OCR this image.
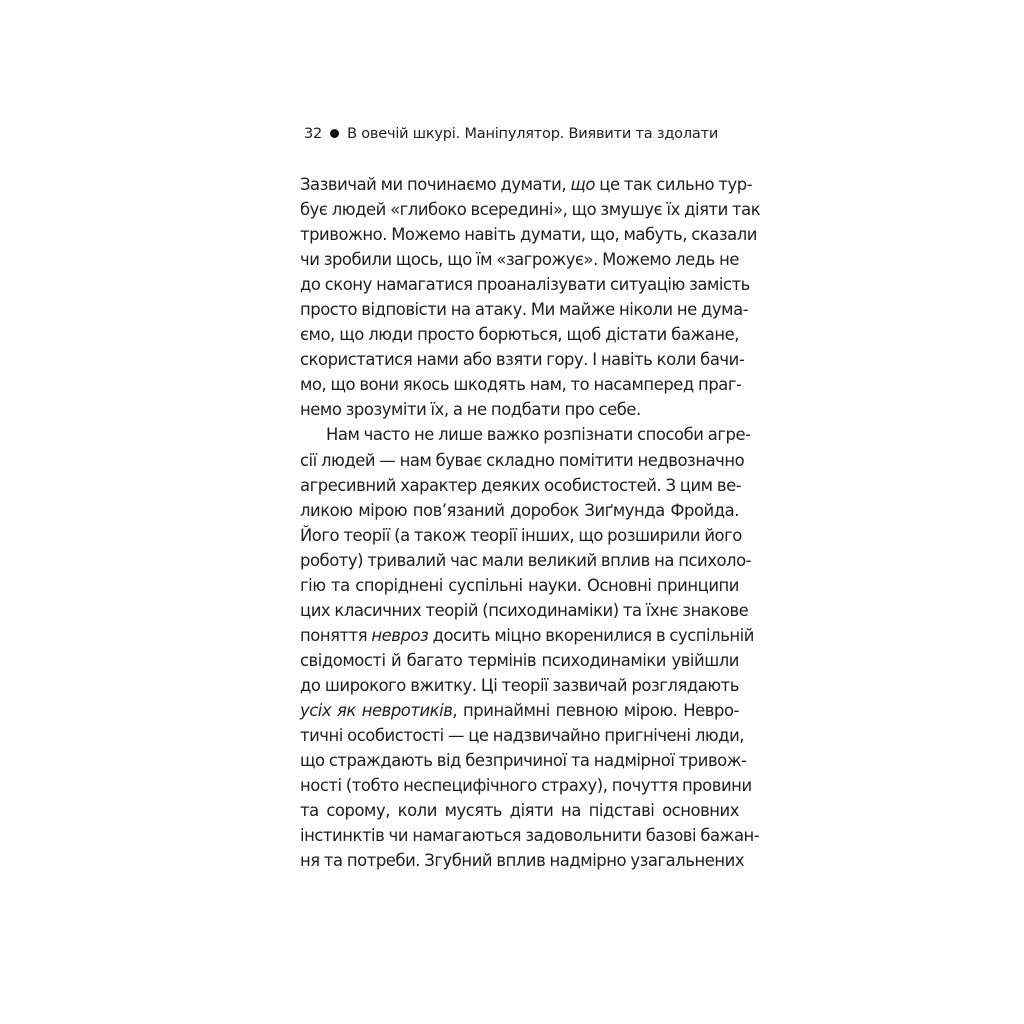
32 В овечій шкурі. Маніпулятор. Виявити та здолати
Зазвичай ми починаємо думати, що це так сильно тур-
бує людей «глибоко всередині», що змушує їх діяти так
тривожно. Можемо навіть думати, що, мабуть, сказали
чи зробили щось, що їм «загрожує». Можемо ледь не
до скону намагатися проаналізувати ситуацію замість
просто відповісти на атаку. Ми майже ніколи не дума-
ємо, що люди просто борються, щоб дістати бажане,
скористатися нами або взяти гору. І навіть коли бачи-
мо, що вони якось шкодять нам, то насамперед праг-
немо зрозуміти їх, а не подбати про себе.
Нам часто не лише важко розпізнати способи агре-
сії людей — нам буває складно помітити недвозначно
агресивний характер деяких особистостей. З цим ве-
ликою мірою пов’язаний доробок Зиґмунда Фройда.
Його теорії (а також теорії інших, що розширили його
роботу) тривалий час мали великий вплив на психоло-
гію та споріднені суспільні науки. Основні принципи
цих класичних теорій (психодинаміки) та їхнє знакове
поняття невроз досить міцно вкоренилися в суспільній
свідомості й багато термінів психодинаміки увійшли
до широкого вжитку. Ці теорії зазвичай розглядають
усіх як невротиків, принаймні певною мірою. Невро-
тичні особистості — це надзвичайно пригнічені люди,
що страждають від безпричиної та надмірної тривож-
ності (тобто неспецифічного страху), почуття провини
та сорому, коли мусять діяти на підставі основних
інстинктів чи намагаються задовольнити базові бажан-
ня та потреби. Згубний вплив надмірно узагальнених
